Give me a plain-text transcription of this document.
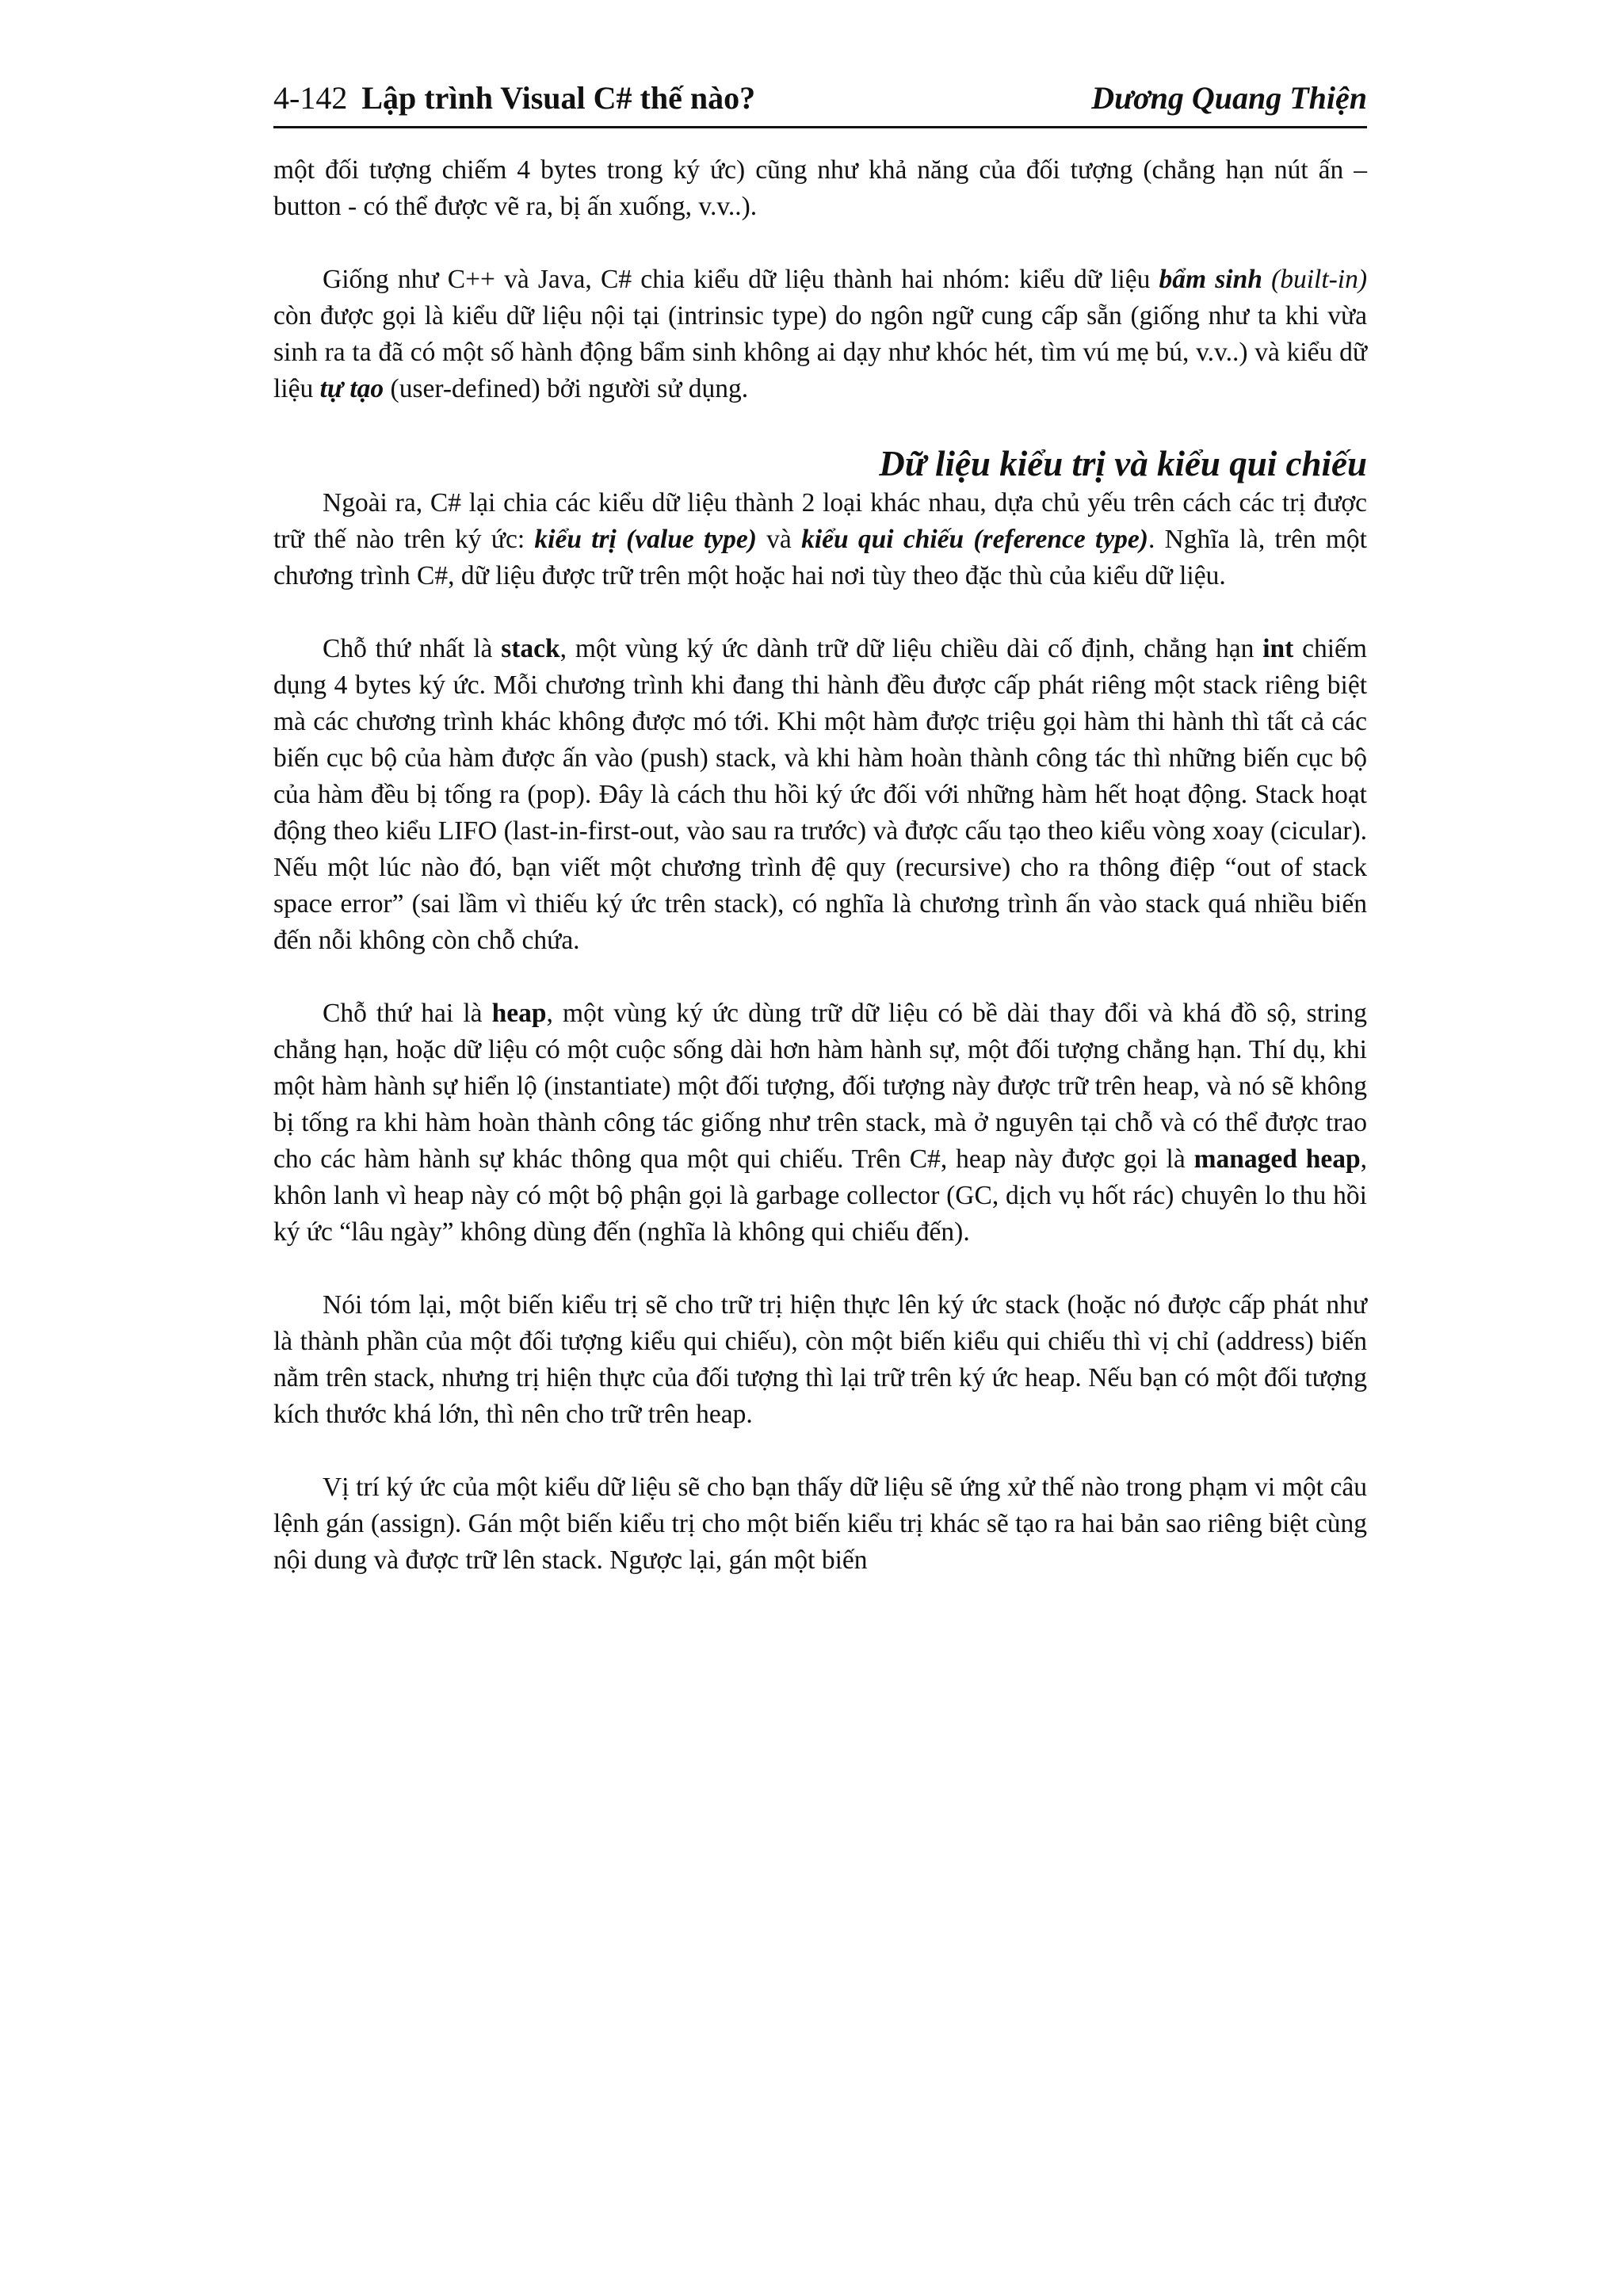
4-142 Lập trình Visual C# thế nào?	Dương Quang Thiện

một đối tượng chiếm 4 bytes trong ký ức) cũng như khả năng của đối tượng (chẳng hạn nút ấn – button - có thể được vẽ ra, bị ấn xuống, v.v..).

Giống như C++ và Java, C# chia kiểu dữ liệu thành hai nhóm: kiểu dữ liệu bẩm sinh (built-in) còn được gọi là kiểu dữ liệu nội tại (intrinsic type) do ngôn ngữ cung cấp sẵn (giống như ta khi vừa sinh ra ta đã có một số hành động bẩm sinh không ai dạy như khóc hét, tìm vú mẹ bú, v.v..) và kiểu dữ liệu tự tạo (user-defined) bởi người sử dụng.

Dữ liệu kiểu trị và kiểu qui chiếu

Ngoài ra, C# lại chia các kiểu dữ liệu thành 2 loại khác nhau, dựa chủ yếu trên cách các trị được trữ thế nào trên ký ức: kiểu trị (value type) và kiểu qui chiếu (reference type). Nghĩa là, trên một chương trình C#, dữ liệu được trữ trên một hoặc hai nơi tùy theo đặc thù của kiểu dữ liệu.

Chỗ thứ nhất là stack, một vùng ký ức dành trữ dữ liệu chiều dài cố định, chẳng hạn int chiếm dụng 4 bytes ký ức. Mỗi chương trình khi đang thi hành đều được cấp phát riêng một stack riêng biệt mà các chương trình khác không được mó tới. Khi một hàm được triệu gọi hàm thi hành thì tất cả các biến cục bộ của hàm được ấn vào (push) stack, và khi hàm hoàn thành công tác thì những biến cục bộ của hàm đều bị tống ra (pop). Đây là cách thu hồi ký ức đối với những hàm hết hoạt động. Stack hoạt động theo kiểu LIFO (last-in-first-out, vào sau ra trước) và được cấu tạo theo kiểu vòng xoay (cicular). Nếu một lúc nào đó, bạn viết một chương trình đệ quy (recursive) cho ra thông điệp “out of stack space error” (sai lầm vì thiếu ký ức trên stack), có nghĩa là chương trình ấn vào stack quá nhiều biến đến nỗi không còn chỗ chứa.

Chỗ thứ hai là heap, một vùng ký ức dùng trữ dữ liệu có bề dài thay đổi và khá đồ sộ, string chẳng hạn, hoặc dữ liệu có một cuộc sống dài hơn hàm hành sự, một đối tượng chẳng hạn. Thí dụ, khi một hàm hành sự hiển lộ (instantiate) một đối tượng, đối tượng này được trữ trên heap, và nó sẽ không bị tống ra khi hàm hoàn thành công tác giống như trên stack, mà ở nguyên tại chỗ và có thể được trao cho các hàm hành sự khác thông qua một qui chiếu. Trên C#, heap này được gọi là managed heap, khôn lanh vì heap này có một bộ phận gọi là garbage collector (GC, dịch vụ hốt rác) chuyên lo thu hồi ký ức “lâu ngày” không dùng đến (nghĩa là không qui chiếu đến).

Nói tóm lại, một biến kiểu trị sẽ cho trữ trị hiện thực lên ký ức stack (hoặc nó được cấp phát như là thành phần của một đối tượng kiểu qui chiếu), còn một biến kiểu qui chiếu thì vị chỉ (address) biến nằm trên stack, nhưng trị hiện thực của đối tượng thì lại trữ trên ký ức heap. Nếu bạn có một đối tượng kích thước khá lớn, thì nên cho trữ trên heap.

Vị trí ký ức của một kiểu dữ liệu sẽ cho bạn thấy dữ liệu sẽ ứng xử thế nào trong phạm vi một câu lệnh gán (assign). Gán một biến kiểu trị cho một biến kiểu trị khác sẽ tạo ra hai bản sao riêng biệt cùng nội dung và được trữ lên stack. Ngược lại, gán một biến
